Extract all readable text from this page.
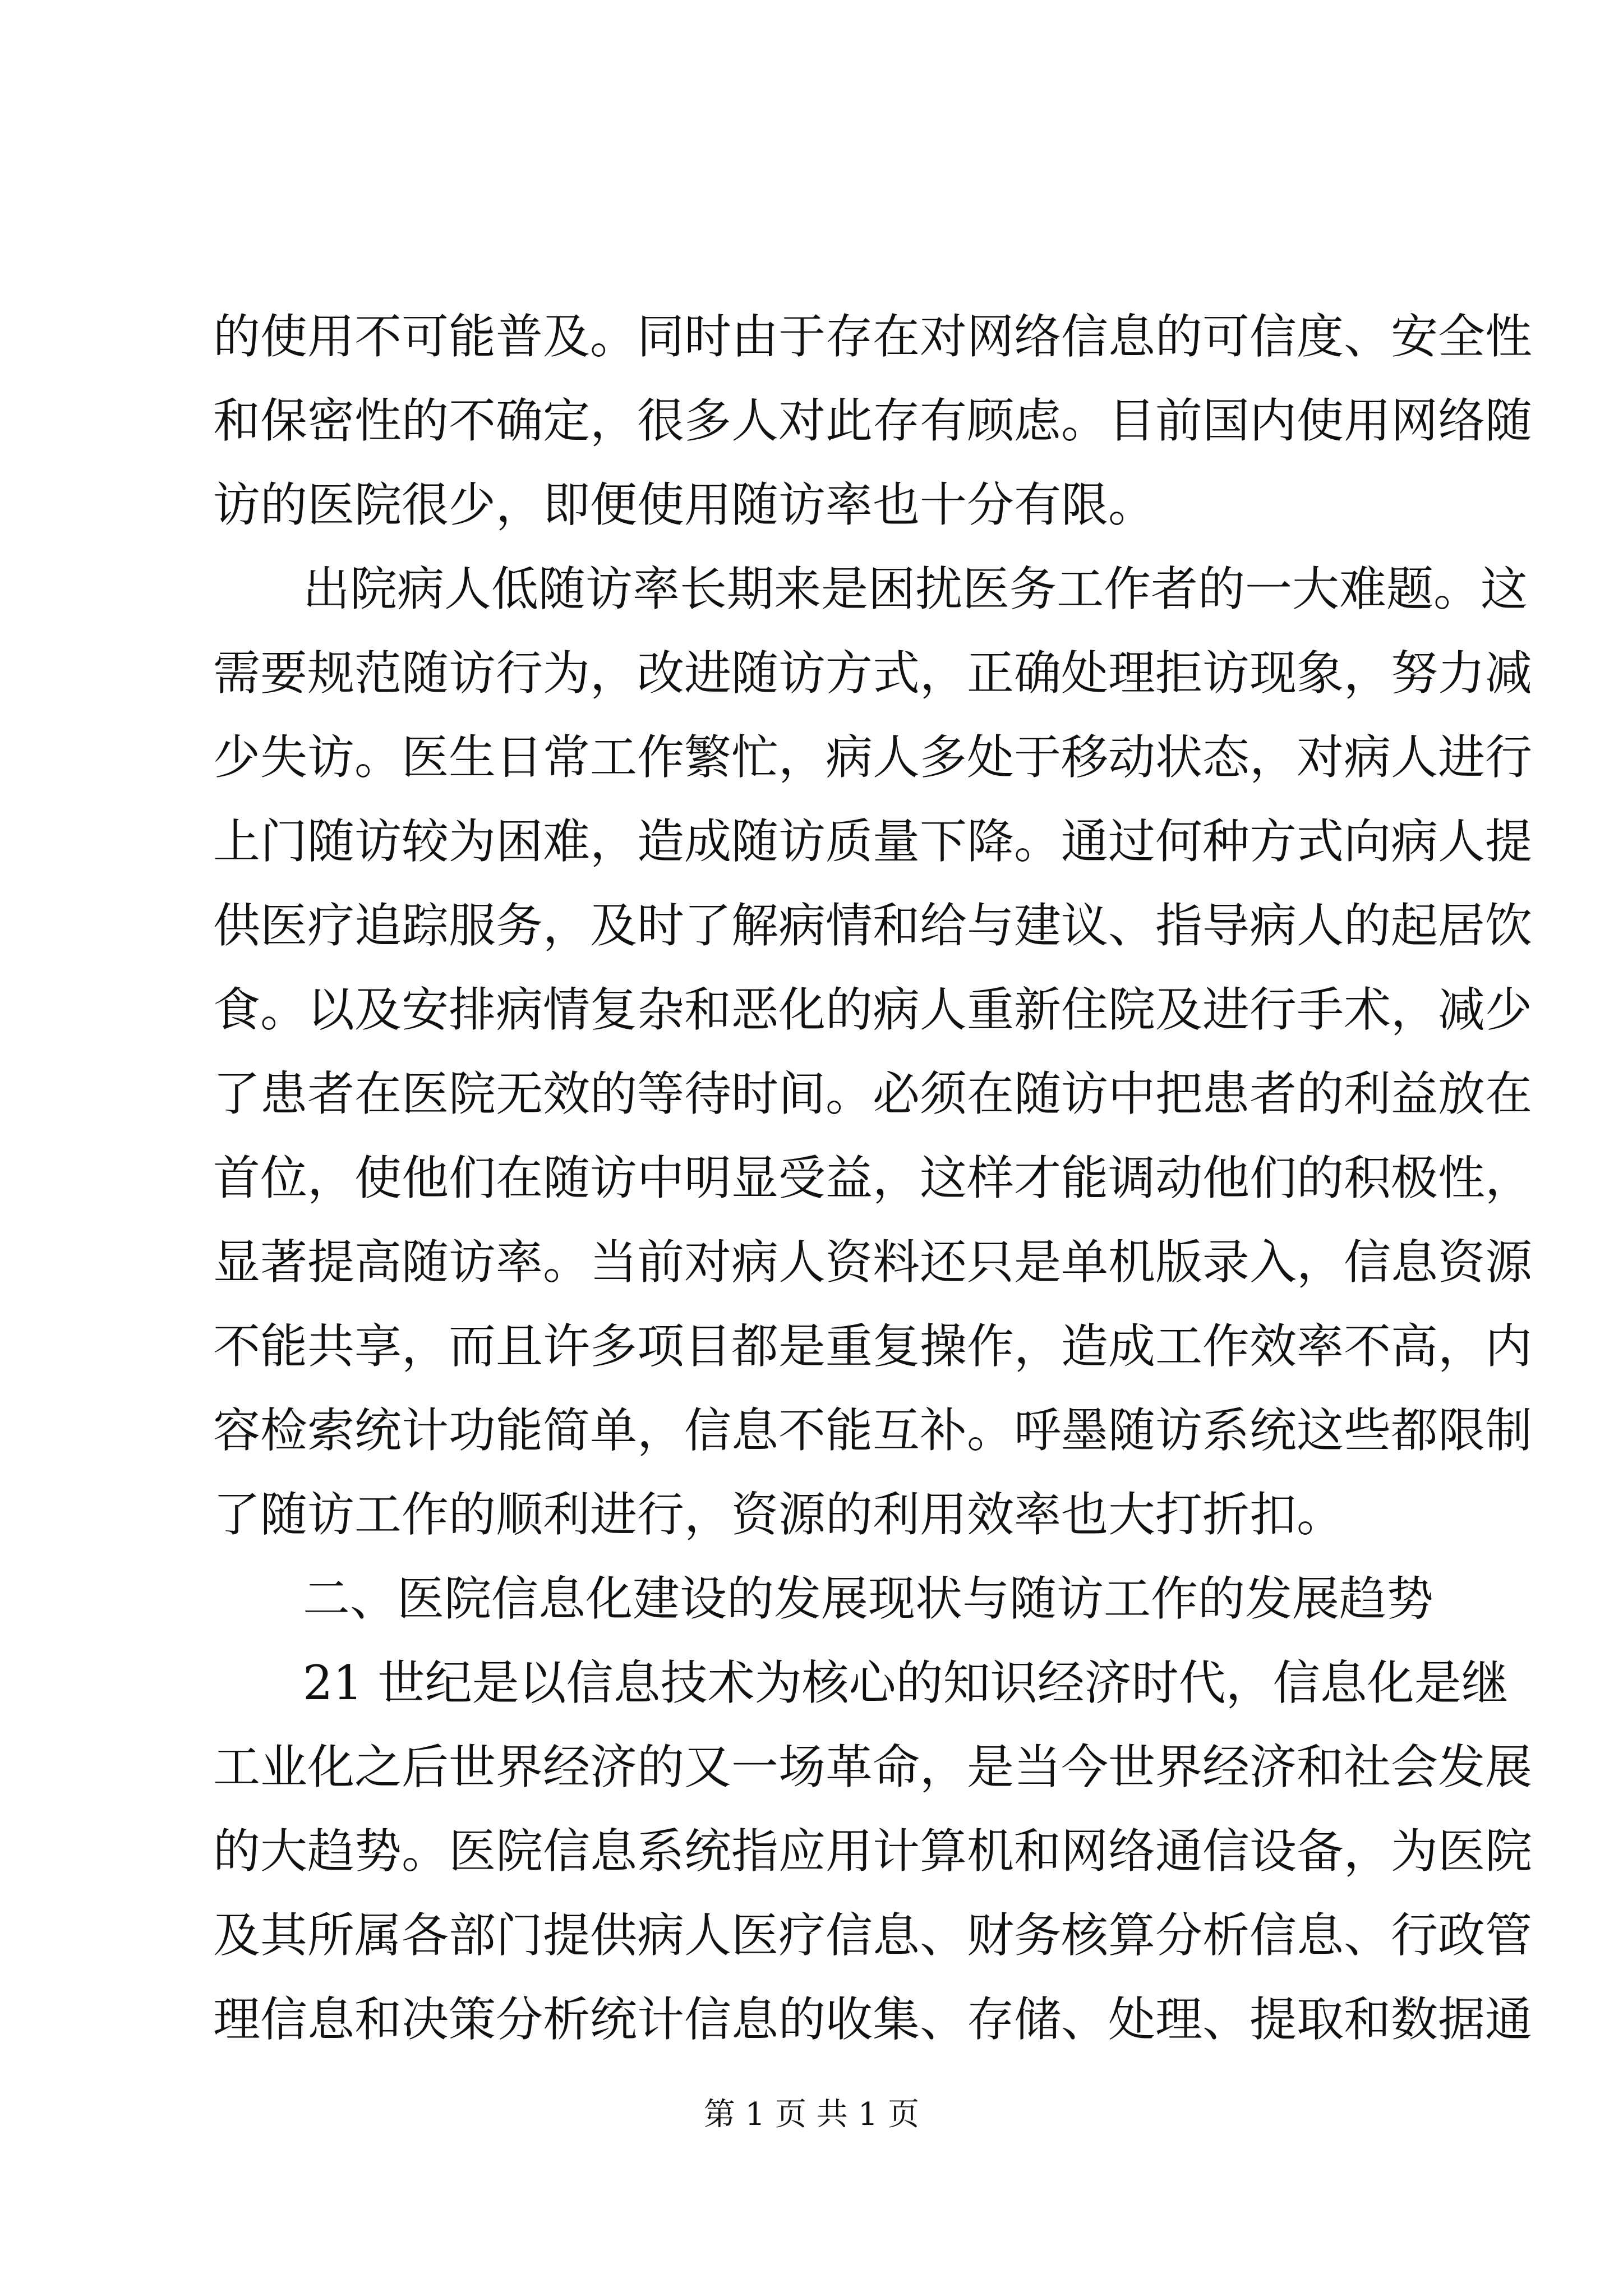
的使用不可能普及。同时由于存在对网络信息的可信度、安全性

和保密性的不确定，很多人对此存有顾虑。目前国内使用网络随

访的医院很少，即便使用随访率也十分有限。

出院病人低随访率长期来是困扰医务工作者的一大难题。这

需要规范随访行为，改进随访方式，正确处理拒访现象，努力减

少失访。医生日常工作繁忙，病人多处于移动状态，对病人进行

上门随访较为困难，造成随访质量下降。通过何种方式向病人提

供医疗追踪服务，及时了解病情和给与建议、指导病人的起居饮

食。以及安排病情复杂和恶化的病人重新住院及进行手术，减少

了患者在医院无效的等待时间。必须在随访中把患者的利益放在

首位，使他们在随访中明显受益，这样才能调动他们的积极性，

显著提高随访率。当前对病人资料还只是单机版录入，信息资源

不能共享，而且许多项目都是重复操作，造成工作效率不高，内

容检索统计功能简单，信息不能互补。呼墨随访系统这些都限制

了随访工作的顺利进行，资源的利用效率也大打折扣。

二、医院信息化建设的发展现状与随访工作的发展趋势

21 世纪是以信息技术为核心的知识经济时代，信息化是继

工业化之后世界经济的又一场革命，是当今世界经济和社会发展

的大趋势。医院信息系统指应用计算机和网络通信设备，为医院

及其所属各部门提供病人医疗信息、财务核算分析信息、行政管

理信息和决策分析统计信息的收集、存储、处理、提取和数据通

第 1 页 共 1 页
